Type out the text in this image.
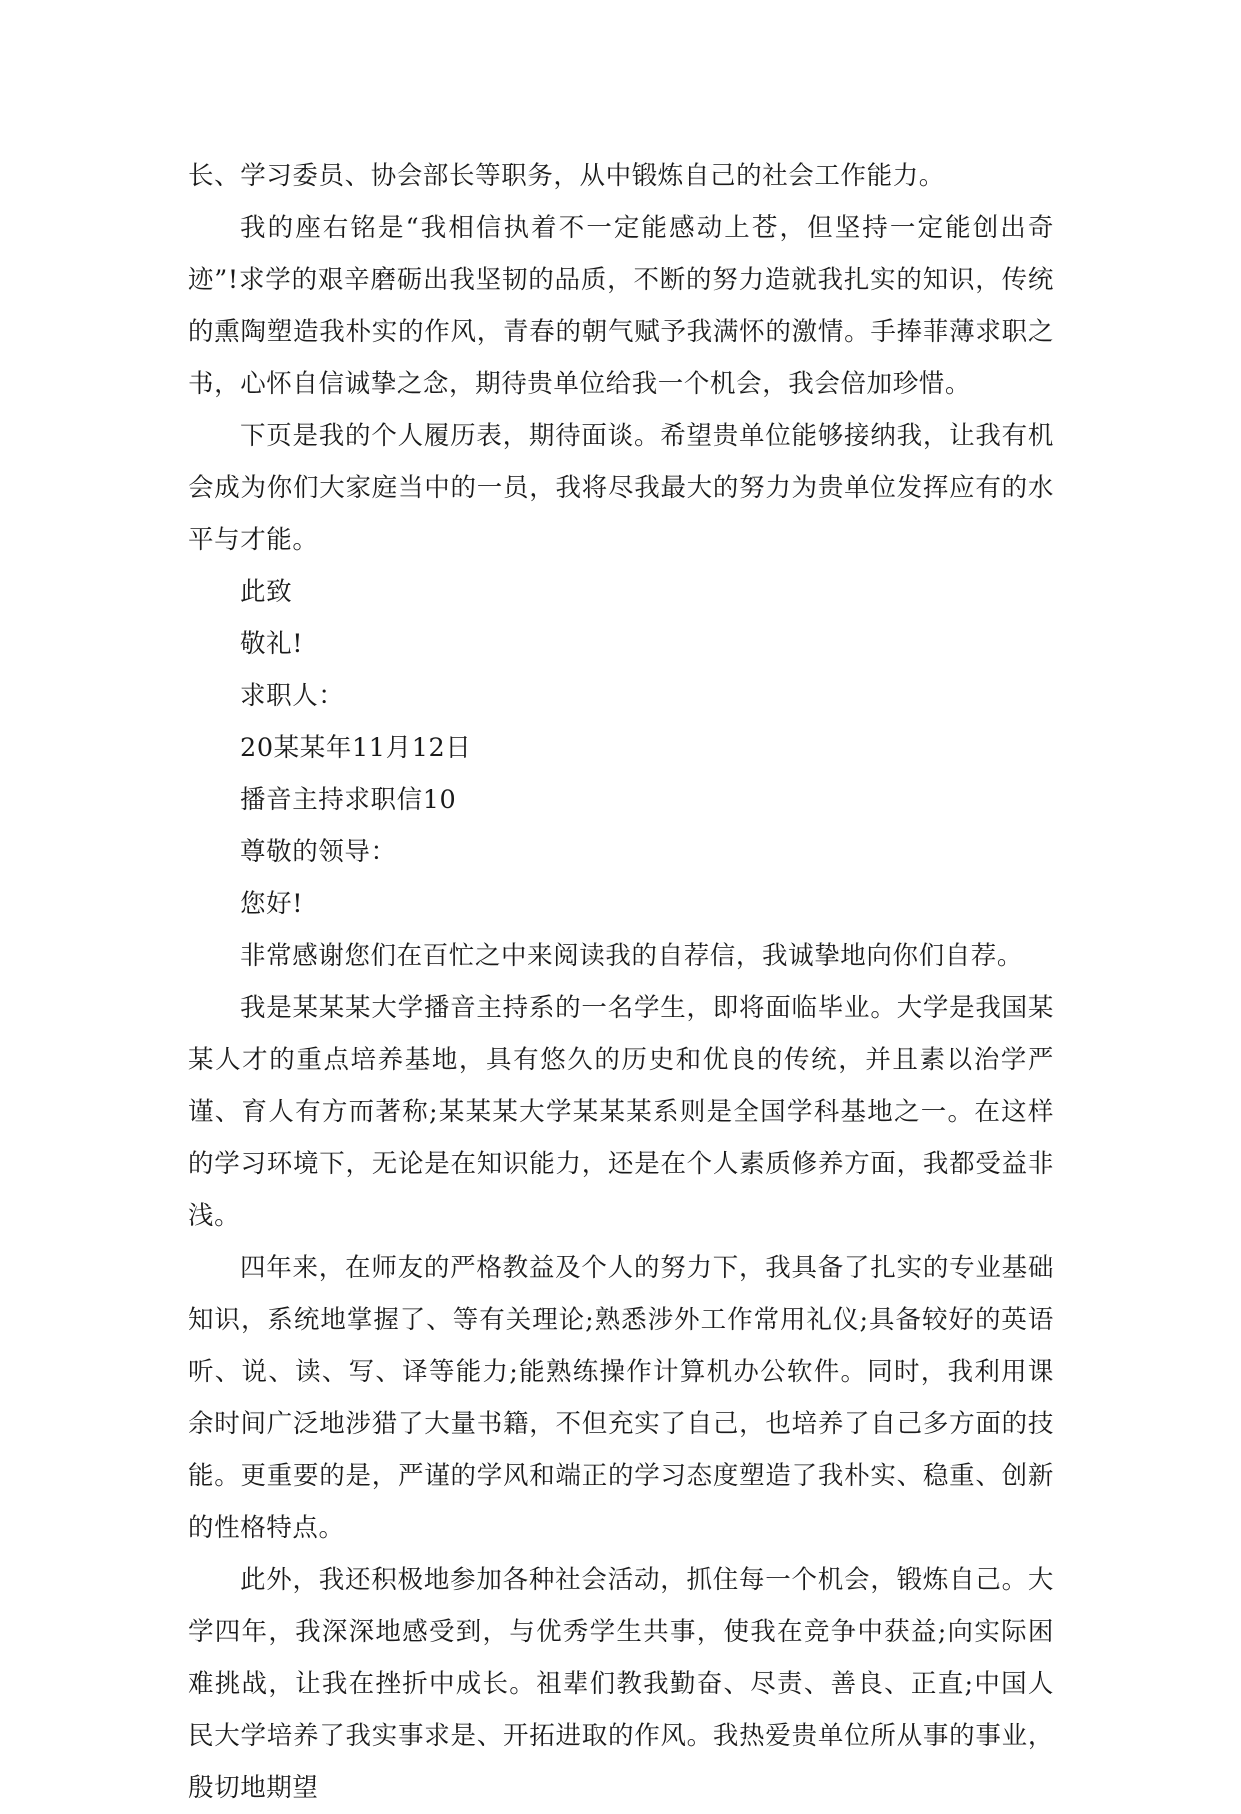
长、学习委员、协会部长等职务，从中锻炼自己的社会工作能力。

我的座右铭是“我相信执着不一定能感动上苍，但坚持一定能创出奇迹”!求学的艰辛磨砺出我坚韧的品质，不断的努力造就我扎实的知识，传统的熏陶塑造我朴实的作风，青春的朝气赋予我满怀的激情。手捧菲薄求职之书，心怀自信诚挚之念，期待贵单位给我一个机会，我会倍加珍惜。

下页是我的个人履历表，期待面谈。希望贵单位能够接纳我，让我有机会成为你们大家庭当中的一员，我将尽我最大的努力为贵单位发挥应有的水平与才能。

此致

敬礼!

求职人：

20某某年11月12日

播音主持求职信10

尊敬的领导：

您好!

非常感谢您们在百忙之中来阅读我的自荐信，我诚挚地向你们自荐。

我是某某某大学播音主持系的一名学生，即将面临毕业。大学是我国某某人才的重点培养基地，具有悠久的历史和优良的传统，并且素以治学严谨、育人有方而著称;某某某大学某某某系则是全国学科基地之一。在这样的学习环境下，无论是在知识能力，还是在个人素质修养方面，我都受益非浅。

四年来，在师友的严格教益及个人的努力下，我具备了扎实的专业基础知识，系统地掌握了、等有关理论;熟悉涉外工作常用礼仪;具备较好的英语听、说、读、写、译等能力;能熟练操作计算机办公软件。同时，我利用课余时间广泛地涉猎了大量书籍，不但充实了自己，也培养了自己多方面的技能。更重要的是，严谨的学风和端正的学习态度塑造了我朴实、稳重、创新的性格特点。

此外，我还积极地参加各种社会活动，抓住每一个机会，锻炼自己。大学四年，我深深地感受到，与优秀学生共事，使我在竞争中获益;向实际困难挑战，让我在挫折中成长。祖辈们教我勤奋、尽责、善良、正直;中国人民大学培养了我实事求是、开拓进取的作风。我热爱贵单位所从事的事业，殷切地期望
